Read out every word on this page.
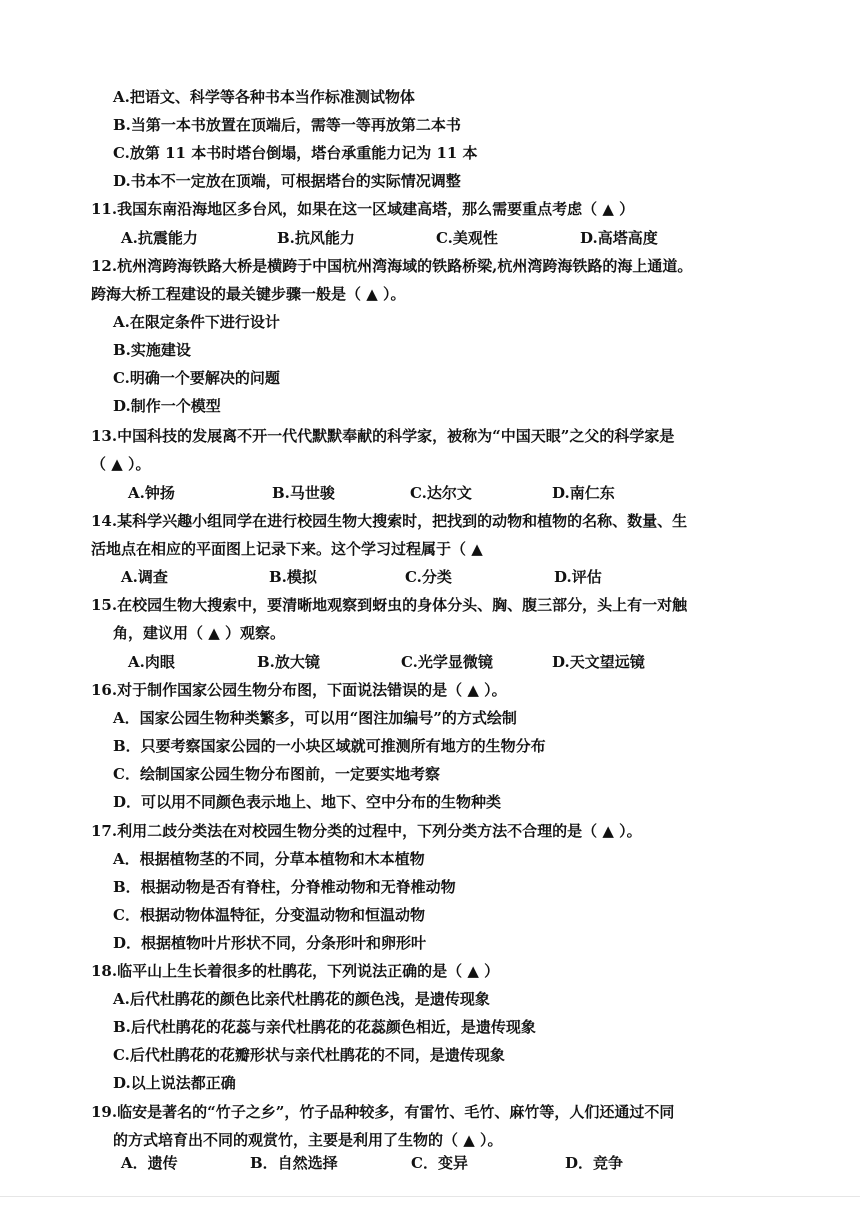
A.把语文、科学等各种书本当作标准测试物体
B.当第一本书放置在顶端后，需等一等再放第二本书
C.放第 11 本书时塔台倒塌，塔台承重能力记为 11 本
D.书本不一定放在顶端，可根据塔台的实际情况调整
11.我国东南沿海地区多台风，如果在这一区域建高塔，那么需要重点考虑（ ▲ ）
A.抗震能力	B.抗风能力	C.美观性	D.高塔高度
12.杭州湾跨海铁路大桥是横跨于中国杭州湾海域的铁路桥梁,杭州湾跨海铁路的海上通道。
跨海大桥工程建设的最关键步骤一般是（ ▲ ）。
A.在限定条件下进行设计
B.实施建设
C.明确一个要解决的问题
D.制作一个模型
13.中国科技的发展离不开一代代默默奉献的科学家，被称为“中国天眼”之父的科学家是
（ ▲ ）。
A.钟扬	B.马世骏	C.达尔文	D.南仁东
14.某科学兴趣小组同学在进行校园生物大搜索时，把找到的动物和植物的名称、数量、生
活地点在相应的平面图上记录下来。这个学习过程属于（ ▲
A.调查	B.模拟	C.分类	D.评估
15.在校园生物大搜索中，要清晰地观察到蚜虫的身体分头、胸、腹三部分，头上有一对触
角，建议用（ ▲ ）观察。
A.肉眼	B.放大镜	C.光学显微镜	D.天文望远镜
16.对于制作国家公园生物分布图，下面说法错误的是（ ▲ ）。
A．国家公园生物种类繁多，可以用“图注加编号”的方式绘制
B．只要考察国家公园的一小块区域就可推测所有地方的生物分布
C．绘制国家公园生物分布图前，一定要实地考察
D．可以用不同颜色表示地上、地下、空中分布的生物种类
17.利用二歧分类法在对校园生物分类的过程中，下列分类方法不合理的是（ ▲ ）。
A．根据植物茎的不同，分草本植物和木本植物
B．根据动物是否有脊柱，分脊椎动物和无脊椎动物
C．根据动物体温特征，分变温动物和恒温动物
D．根据植物叶片形状不同，分条形叶和卵形叶
18.临平山上生长着很多的杜鹃花，下列说法正确的是（ ▲ ）
A.后代杜鹃花的颜色比亲代杜鹃花的颜色浅，是遗传现象
B.后代杜鹃花的花蕊与亲代杜鹃花的花蕊颜色相近，是遗传现象
C.后代杜鹃花的花瓣形状与亲代杜鹃花的不同，是遗传现象
D.以上说法都正确
19.临安是著名的“竹子之乡”，竹子品种较多，有雷竹、毛竹、麻竹等，人们还通过不同
的方式培育出不同的观赏竹，主要是利用了生物的（ ▲ ）。
A．遗传	B．自然选择	C．变异	D．竞争
